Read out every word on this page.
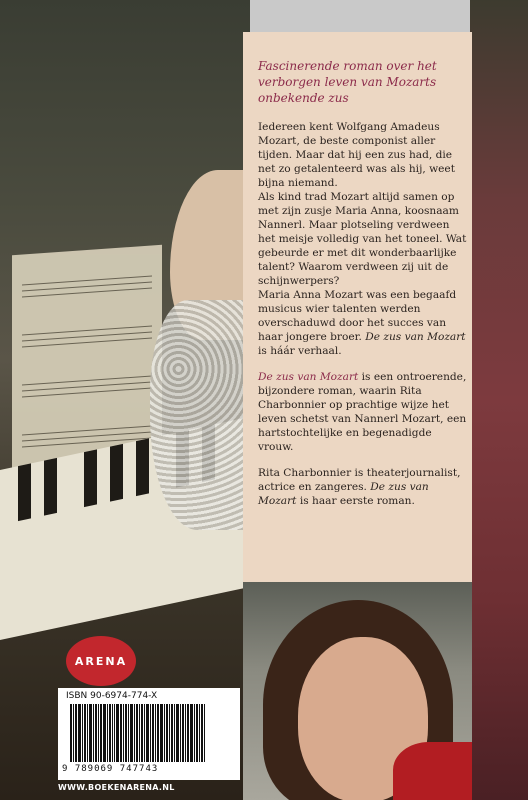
Fascinerende roman over het verborgen leven van Mozarts onbekende zus

Iedereen kent Wolfgang Amadeus Mozart, de beste componist aller tijden. Maar dat hij een zus had, die net zo getalenteerd was als hij, weet bijna niemand.

Als kind trad Mozart altijd samen op met zijn zusje Maria Anna, koosnaam Nannerl. Maar plotseling verdween het meisje volledig van het toneel. Wat gebeurde er met dit wonderbaarlijke talent? Waarom verdween zij uit de schijnwerpers?

Maria Anna Mozart was een begaafd musicus wier talenten werden overschaduwd door het succes van haar jongere broer. De zus van Mozart is háár verhaal.

De zus van Mozart is een ontroerende, bijzondere roman, waarin Rita Charbonnier op prachtige wijze het leven schetst van Nannerl Mozart, een hartstochtelijke en begenadigde vrouw.

Rita Charbonnier is theaterjournalist, actrice en zangeres. De zus van Mozart is haar eerste roman.

ARENA
ISBN 90-6974-774-X
9 789069 747743
WWW.BOEKENARENA.NL
